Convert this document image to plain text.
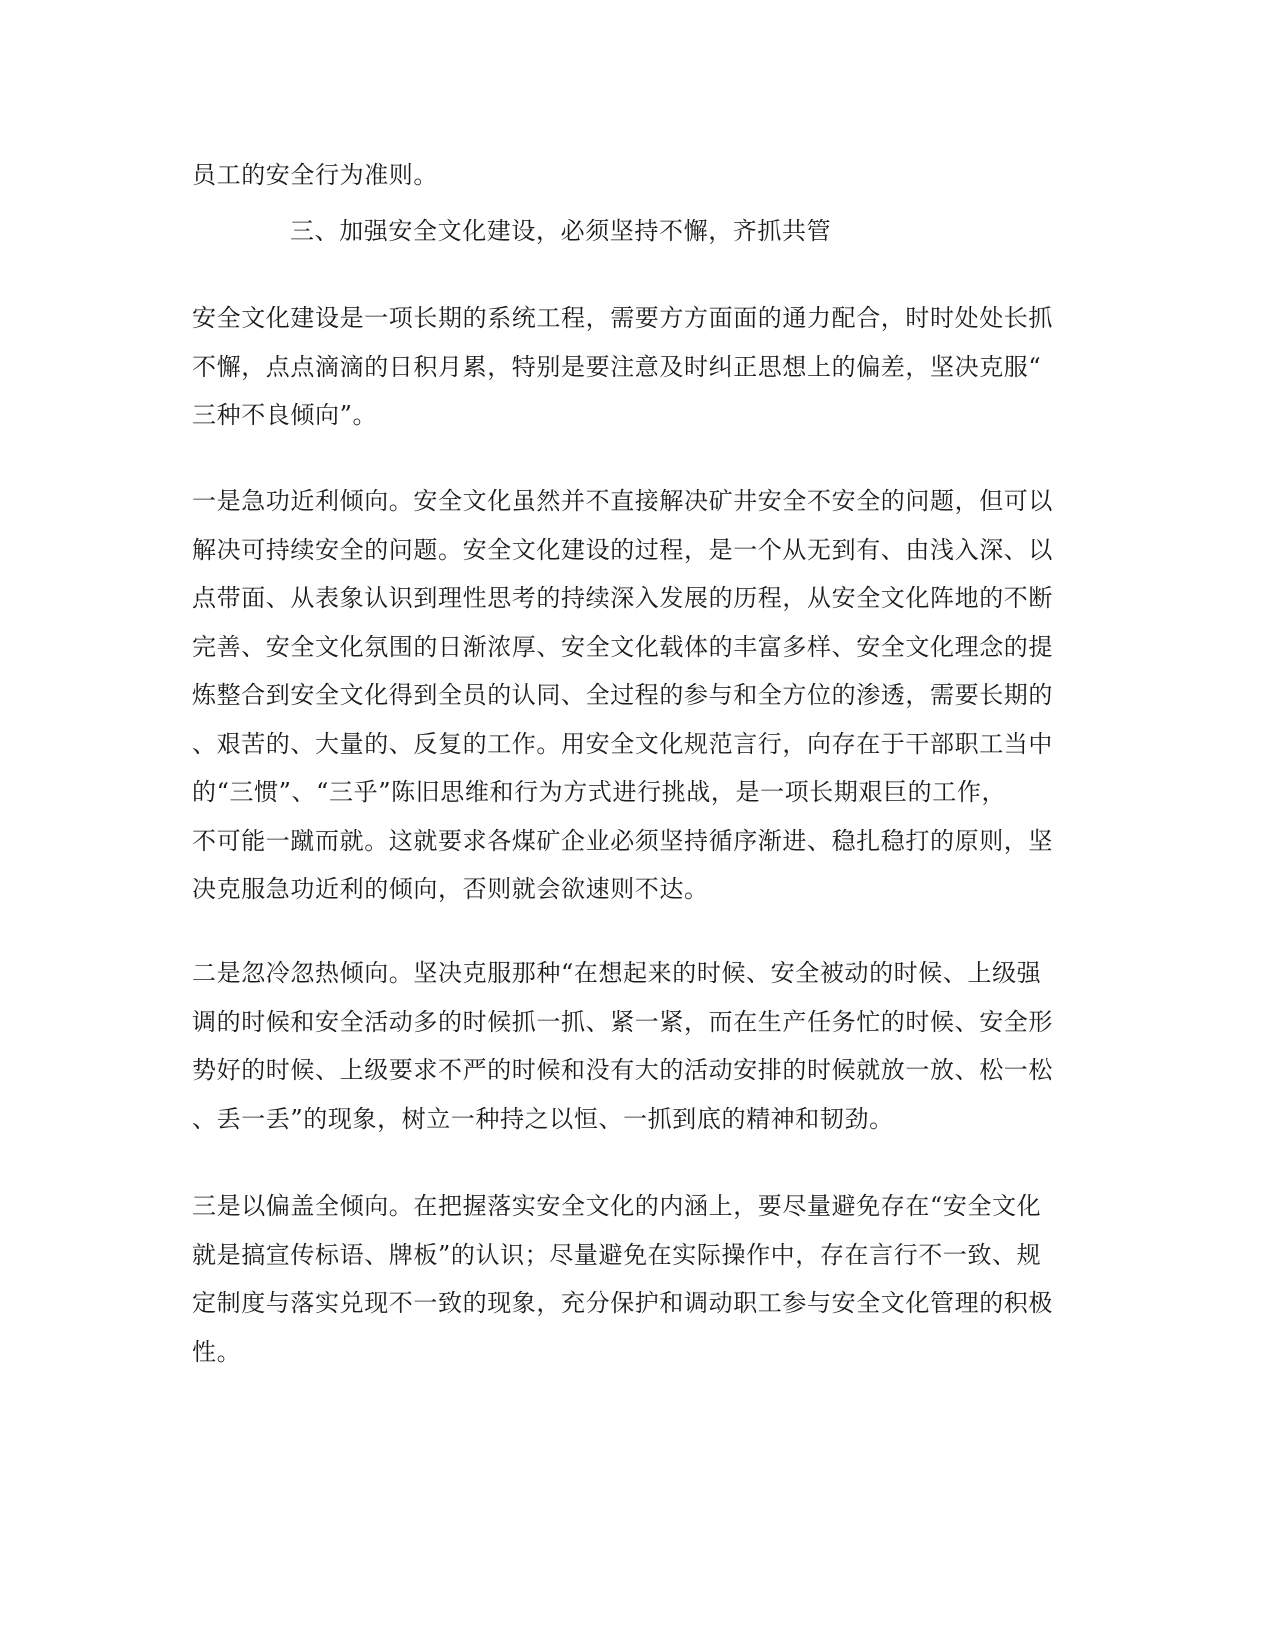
员工的安全行为准则。
三、加强安全文化建设，必须坚持不懈，齐抓共管
安全文化建设是一项长期的系统工程，需要方方面面的通力配合，时时处处长抓
不懈，点点滴滴的日积月累，特别是要注意及时纠正思想上的偏差，坚决克服“
三种不良倾向”。
一是急功近利倾向。安全文化虽然并不直接解决矿井安全不安全的问题，但可以
解决可持续安全的问题。安全文化建设的过程，是一个从无到有、由浅入深、以
点带面、从表象认识到理性思考的持续深入发展的历程，从安全文化阵地的不断
完善、安全文化氛围的日渐浓厚、安全文化载体的丰富多样、安全文化理念的提
炼整合到安全文化得到全员的认同、全过程的参与和全方位的渗透，需要长期的
、艰苦的、大量的、反复的工作。用安全文化规范言行，向存在于干部职工当中
的“三惯”、“三乎”陈旧思维和行为方式进行挑战，是一项长期艰巨的工作，
不可能一蹴而就。这就要求各煤矿企业必须坚持循序渐进、稳扎稳打的原则，坚
决克服急功近利的倾向，否则就会欲速则不达。
二是忽冷忽热倾向。坚决克服那种“在想起来的时候、安全被动的时候、上级强
调的时候和安全活动多的时候抓一抓、紧一紧，而在生产任务忙的时候、安全形
势好的时候、上级要求不严的时候和没有大的活动安排的时候就放一放、松一松
、丢一丢”的现象，树立一种持之以恒、一抓到底的精神和韧劲。
三是以偏盖全倾向。在把握落实安全文化的内涵上，要尽量避免存在“安全文化
就是搞宣传标语、牌板”的认识；尽量避免在实际操作中，存在言行不一致、规
定制度与落实兑现不一致的现象，充分保护和调动职工参与安全文化管理的积极
性。
